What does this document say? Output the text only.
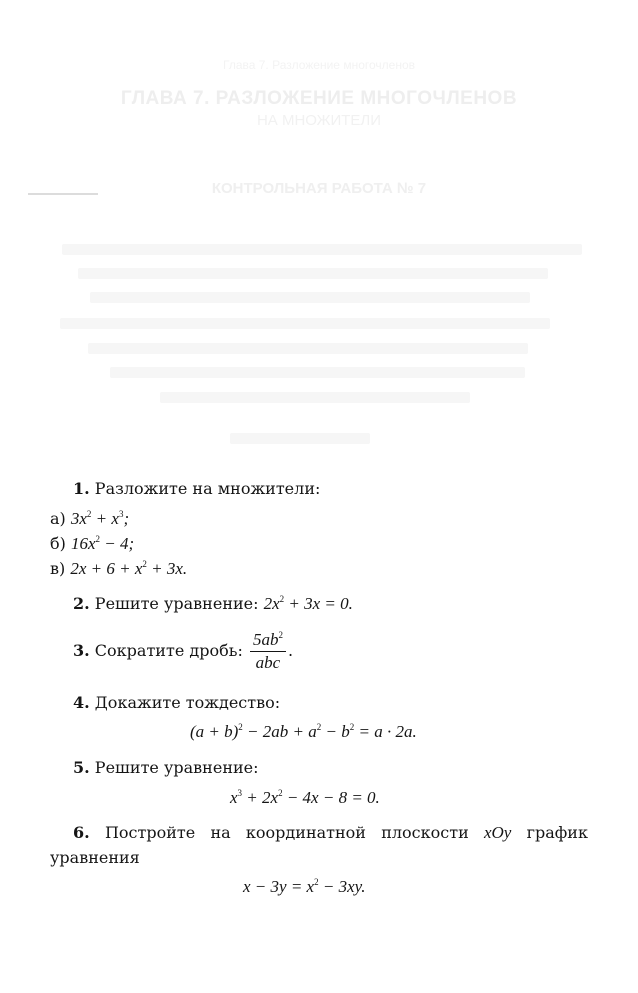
Глава 7. Разложение многочленов
ГЛАВА 7. РАЗЛОЖЕНИЕ МНОГОЧЛЕНОВ
НА МНОЖИТЕЛИ
КОНТРОЛЬНАЯ РАБОТА № 7
1. Разложите на множители:
а) $3x^2 + x^3$;
б) $16x^2 - 4$;
в) $2x + 6 + x^2 + 3x$.
2. Решите уравнение: $2x^2 + 3x = 0$.
3. Сократите дробь: $\frac{5ab^2}{\text{abc}}$ .
4. Докажите тождество:
$(a + b)^2 - 2ab + a^2 - b^2 = a \cdot 2a$.
5. Решите уравнение:
$x^3 + 2x^2 - 4x - 8 = 0$.
6. Постройте на координатной плоскости xOy график
уравнения
$x - 3y = x^2 - 3xy$.
